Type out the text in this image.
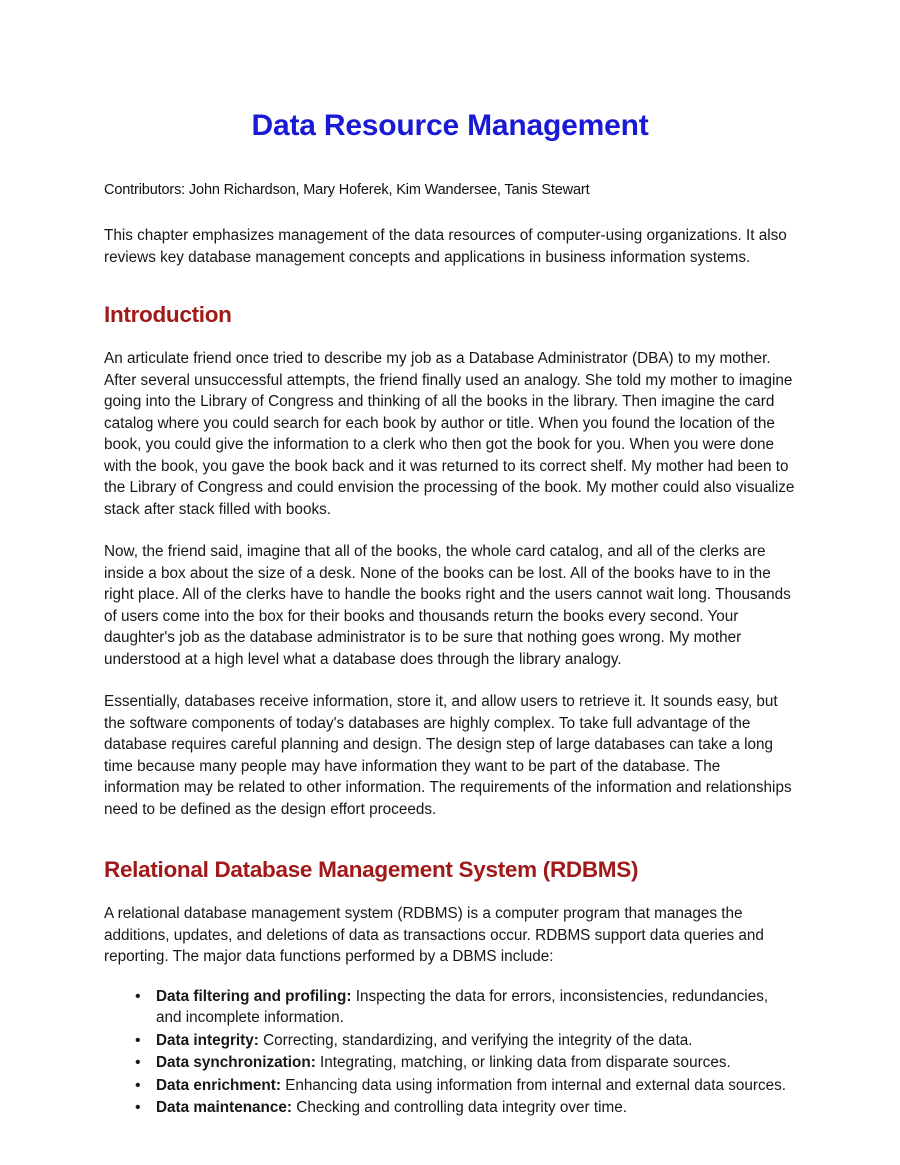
Data Resource Management

Contributors: John Richardson, Mary Hoferek, Kim Wandersee, Tanis Stewart

This chapter emphasizes management of the data resources of computer-using organizations. It also reviews key database management concepts and applications in business information systems.

Introduction

An articulate friend once tried to describe my job as a Database Administrator (DBA) to my mother. After several unsuccessful attempts, the friend finally used an analogy. She told my mother to imagine going into the Library of Congress and thinking of all the books in the library. Then imagine the card catalog where you could search for each book by author or title. When you found the location of the book, you could give the information to a clerk who then got the book for you. When you were done with the book, you gave the book back and it was returned to its correct shelf. My mother had been to the Library of Congress and could envision the processing of the book. My mother could also visualize stack after stack filled with books.

Now, the friend said, imagine that all of the books, the whole card catalog, and all of the clerks are inside a box about the size of a desk. None of the books can be lost. All of the books have to in the right place. All of the clerks have to handle the books right and the users cannot wait long. Thousands of users come into the box for their books and thousands return the books every second. Your daughter's job as the database administrator is to be sure that nothing goes wrong. My mother understood at a high level what a database does through the library analogy.

Essentially, databases receive information, store it, and allow users to retrieve it. It sounds easy, but the software components of today's databases are highly complex. To take full advantage of the database requires careful planning and design. The design step of large databases can take a long time because many people may have information they want to be part of the database. The information may be related to other information. The requirements of the information and relationships need to be defined as the design effort proceeds.

Relational Database Management System (RDBMS)

A relational database management system (RDBMS) is a computer program that manages the additions, updates, and deletions of data as transactions occur. RDBMS support data queries and reporting. The major data functions performed by a DBMS include:

• Data filtering and profiling: Inspecting the data for errors, inconsistencies, redundancies, and incomplete information.
• Data integrity: Correcting, standardizing, and verifying the integrity of the data.
• Data synchronization: Integrating, matching, or linking data from disparate sources.
• Data enrichment: Enhancing data using information from internal and external data sources.
• Data maintenance: Checking and controlling data integrity over time.
